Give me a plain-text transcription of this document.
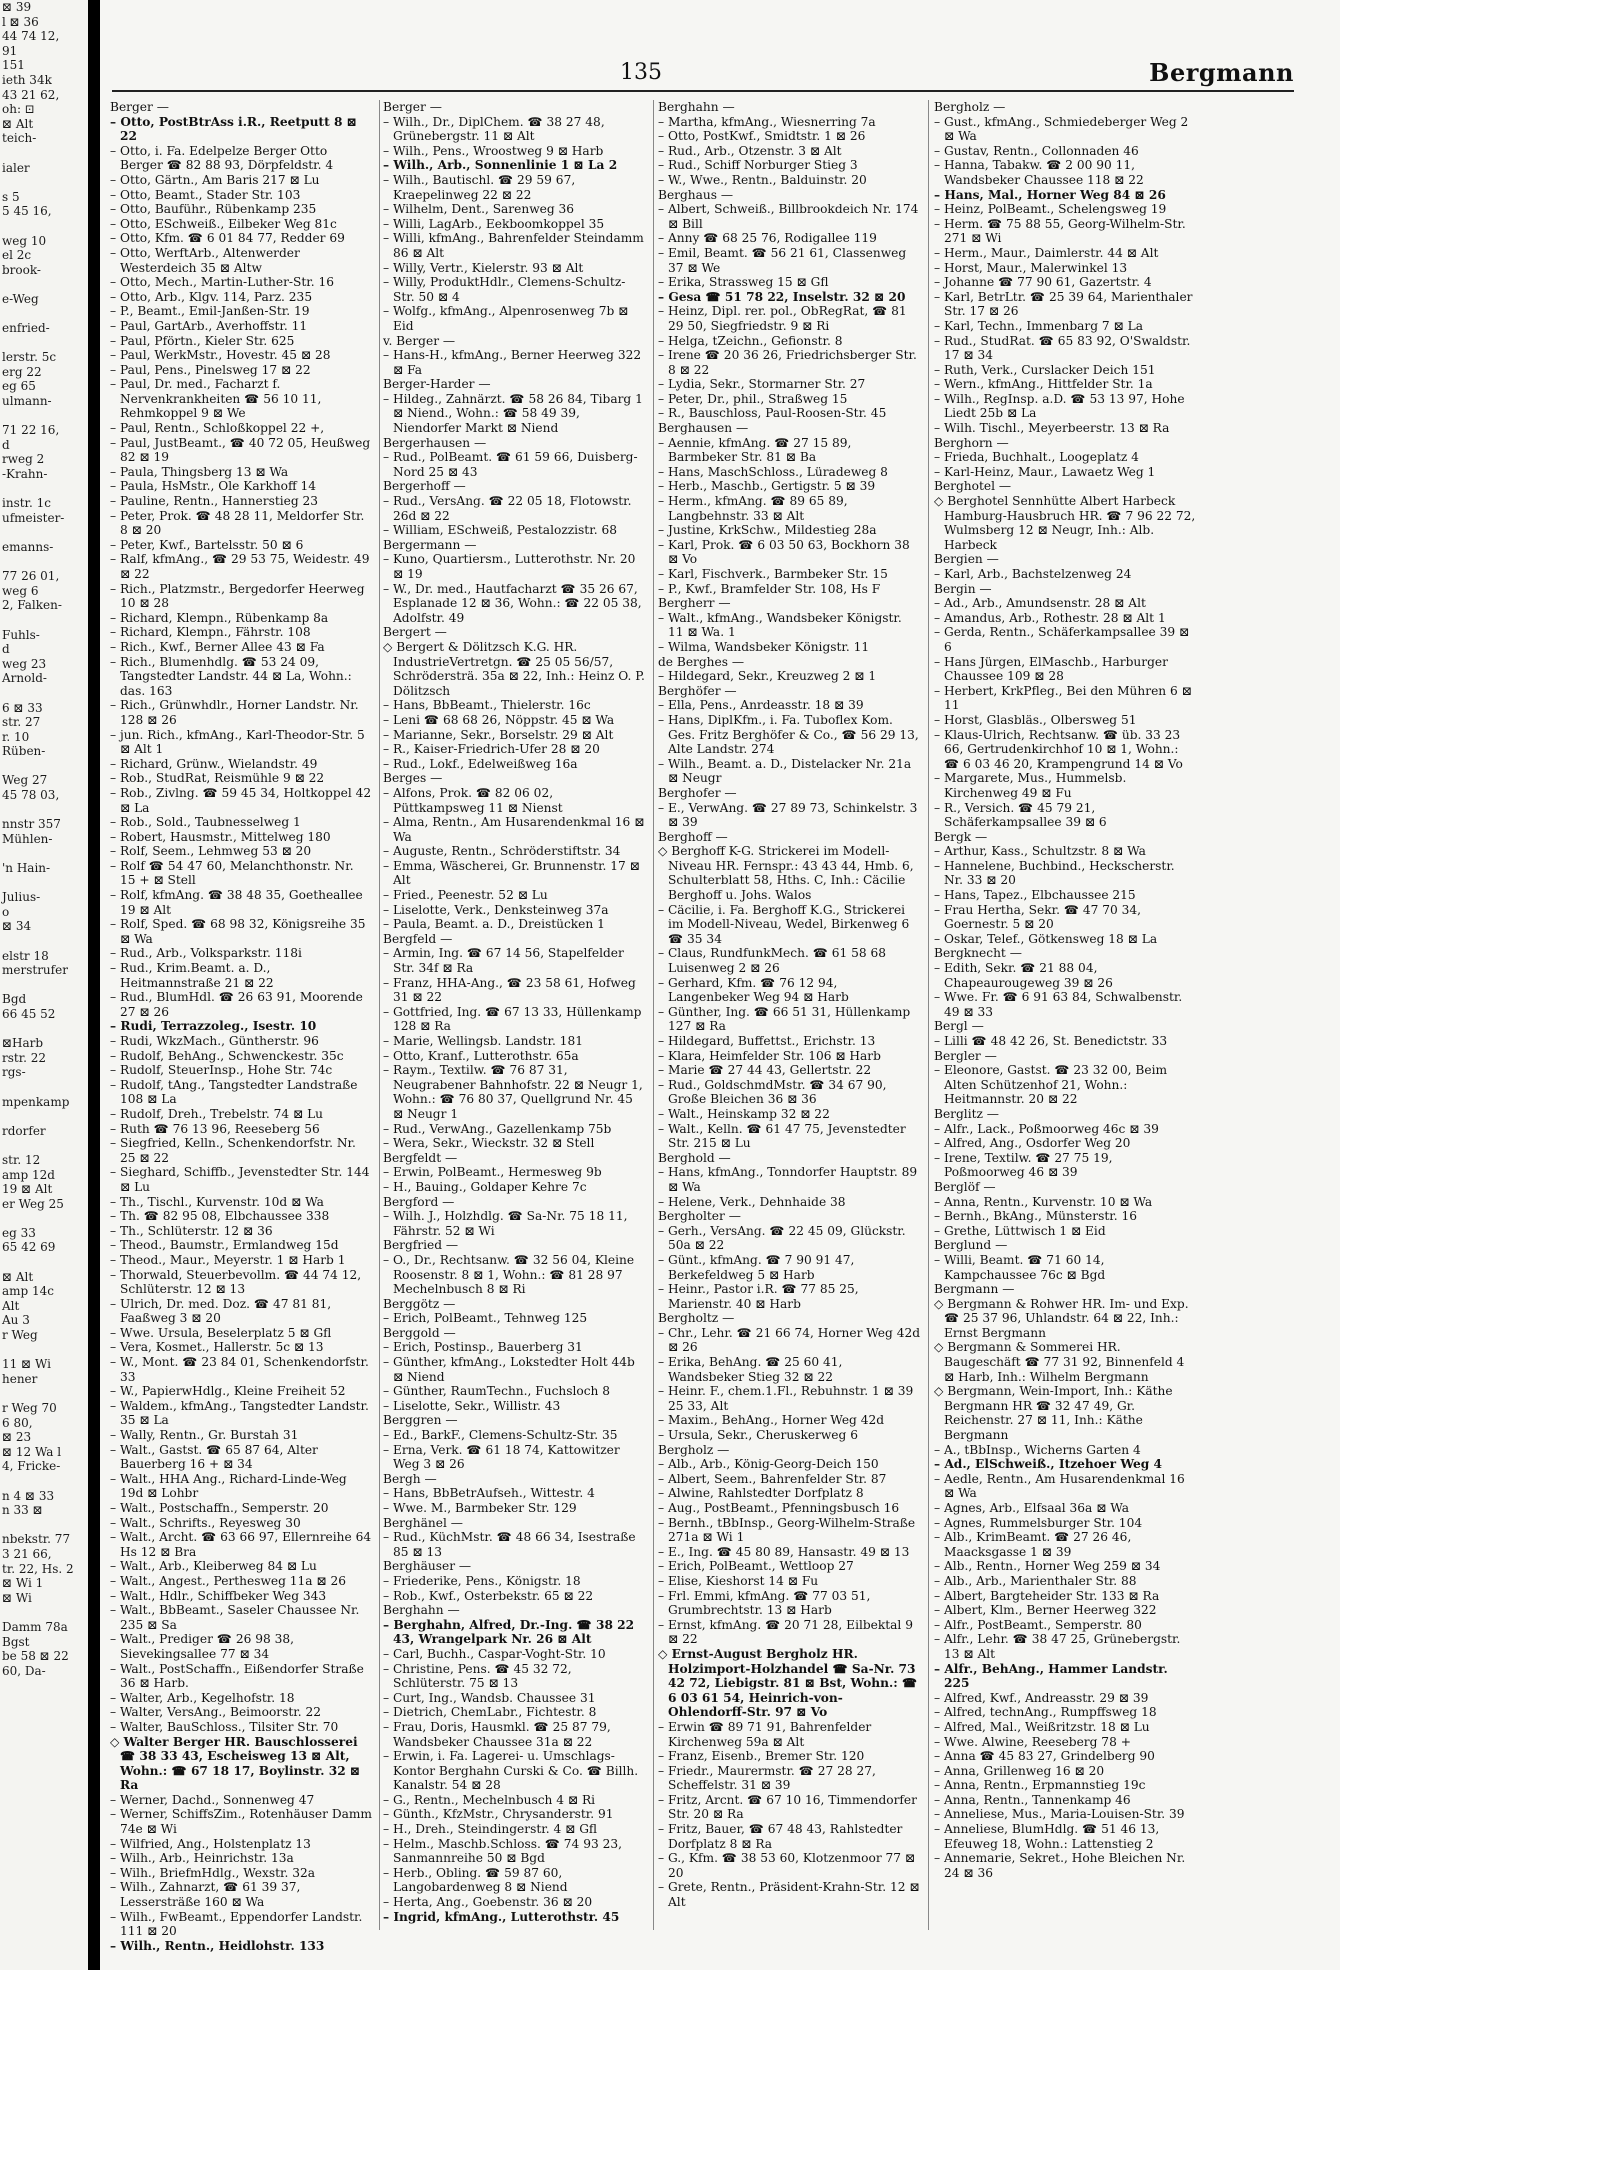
⊠ 39
l ⊠ 36
44 74 12,
91
151
ieth 34k
43 21 62,
oh: ⊡
⊠ Alt
teich-

ialer

s 5
5 45 16,

weg 10
el 2c
brook-

e-Weg

enfried-

lerstr. 5c
erg 22
eg 65
ulmann-

71 22 16,
d
rweg 2
-Krahn-

instr. 1c
ufmeister-

emanns-

77 26 01,
weg 6
2, Falken-

Fuhls-
d
weg 23
Arnold-

6 ⊠ 33
str. 27
r. 10
Rüben-

Weg 27
45 78 03,

nnstr 357
Mühlen-

'n Hain-

Julius-
o
⊠ 34

elstr 18
merstrufer

Bgd
66 45 52

⊠Harb
rstr. 22
rgs-

mpenkamp

rdorfer

str. 12
amp 12d
19 ⊠ Alt
er Weg 25

eg 33
65 42 69

⊠ Alt
amp 14c
Alt
Au 3
r Weg

11 ⊠ Wi
hener

r Weg 70
6 80,
⊠ 23
⊠ 12 Wa l
4, Fricke-

n 4 ⊠ 33
n 33 ⊠

nbekstr. 77
3 21 66,
tr. 22, Hs. 2
⊠ Wi 1
⊠ Wi

Damm 78a
Bgst
be 58 ⊠ 22
60, Da-
135	Bergmann

Berger —

– Otto, PostBtrAss i.R., Reetputt 8 ⊠ 22

– Otto, i. Fa. Edelpelze Berger Otto Berger ☎ 82 88 93, Dörpfeldstr. 4

– Otto, Gärtn., Am Baris 217 ⊠ Lu

– Otto, Beamt., Stader Str. 103

– Otto, Bauführ., Rübenkamp 235

– Otto, ESchweiß., Eilbeker Weg 81c

– Otto, Kfm. ☎ 6 01 84 77, Redder 69

– Otto, WerftArb., Altenwerder Westerdeich 35 ⊠ Altw

– Otto, Mech., Martin-Luther-Str. 16

– Otto, Arb., Klgv. 114, Parz. 235

– P., Beamt., Emil-Janßen-Str. 19

– Paul, GartArb., Averhoffstr. 11

– Paul, Pförtn., Kieler Str. 625

– Paul, WerkMstr., Hovestr. 45 ⊠ 28

– Paul, Pens., Pinelsweg 17 ⊠ 22

– Paul, Dr. med., Facharzt f. Nervenkrankheiten ☎ 56 10 11, Rehmkoppel 9 ⊠ We

– Paul, Rentn., Schloßkoppel 22 +,

– Paul, JustBeamt., ☎ 40 72 05, Heußweg 82 ⊠ 19

– Paula, Thingsberg 13 ⊠ Wa

– Paula, HsMstr., Ole Karkhoff 14

– Pauline, Rentn., Hannerstieg 23

– Peter, Prok. ☎ 48 28 11, Meldorfer Str. 8 ⊠ 20

– Peter, Kwf., Bartelsstr. 50 ⊠ 6

– Ralf, kfmAng., ☎ 29 53 75, Weidestr. 49 ⊠ 22

– Rich., Platzmstr., Bergedorfer Heerweg 10 ⊠ 28

– Richard, Klempn., Rübenkamp 8a

– Richard, Klempn., Fährstr. 108

– Rich., Kwf., Berner Allee 43 ⊠ Fa

– Rich., Blumenhdlg. ☎ 53 24 09, Tangstedter Landstr. 44 ⊠ La, Wohn.: das. 163

– Rich., Grünwhdlr., Horner Landstr. Nr. 128 ⊠ 26

– jun. Rich., kfmAng., Karl-Theodor-Str. 5 ⊠ Alt 1

– Richard, Grünw., Wielandstr. 49

– Rob., StudRat, Reismühle 9 ⊠ 22

– Rob., Zivlng. ☎ 59 45 34, Holtkoppel 42 ⊠ La

– Rob., Sold., Taubnesselweg 1

– Robert, Hausmstr., Mittelweg 180

– Rolf, Seem., Lehmweg 53 ⊠ 20

– Rolf ☎ 54 47 60, Melanchthonstr. Nr. 15 + ⊠ Stell

– Rolf, kfmAng. ☎ 38 48 35, Goetheallee 19 ⊠ Alt

– Rolf, Sped. ☎ 68 98 32, Königsreihe 35 ⊠ Wa

– Rud., Arb., Volksparkstr. 118i

– Rud., Krim.Beamt. a. D., Heitmannstraße 21 ⊠ 22

– Rud., BlumHdl. ☎ 26 63 91, Moorende 27 ⊠ 26

– Rudi, Terrazzoleg., Isestr. 10

– Rudi, WkzMach., Güntherstr. 96

– Rudolf, BehAng., Schwenckestr. 35c

– Rudolf, SteuerInsp., Hohe Str. 74c

– Rudolf, tAng., Tangstedter Landstraße 108 ⊠ La

– Rudolf, Dreh., Trebelstr. 74 ⊠ Lu

– Ruth ☎ 76 13 96, Reeseberg 56

– Siegfried, Kelln., Schenkendorfstr. Nr. 25 ⊠ 22

– Sieghard, Schiffb., Jevenstedter Str. 144 ⊠ Lu

– Th., Tischl., Kurvenstr. 10d ⊠ Wa

– Th. ☎ 82 95 08, Elbchaussee 338

– Th., Schlüterstr. 12 ⊠ 36

– Theod., Baumstr., Ermlandweg 15d

– Theod., Maur., Meyerstr. 1 ⊠ Harb 1

– Thorwald, Steuerbevollm. ☎ 44 74 12, Schlüterstr. 12 ⊠ 13

– Ulrich, Dr. med. Doz. ☎ 47 81 81, Faaßweg 3 ⊠ 20

– Wwe. Ursula, Beselerplatz 5 ⊠ Gfl

– Vera, Kosmet., Hallerstr. 5c ⊠ 13

– W., Mont. ☎ 23 84 01, Schenkendorfstr. 33

– W., PapierwHdlg., Kleine Freiheit 52

– Waldem., kfmAng., Tangstedter Landstr. 35 ⊠ La

– Wally, Rentn., Gr. Burstah 31

– Walt., Gastst. ☎ 65 87 64, Alter Bauerberg 16 + ⊠ 34

– Walt., HHA Ang., Richard-Linde-Weg 19d ⊠ Lohbr

– Walt., Postschaffn., Semperstr. 20

– Walt., Schrifts., Reyesweg 30

– Walt., Archt. ☎ 63 66 97, Ellernreihe 64 Hs 12 ⊠ Bra

– Walt., Arb., Kleiberweg 84 ⊠ Lu

– Walt., Angest., Perthesweg 11a ⊠ 26

– Walt., Hdlr., Schiffbeker Weg 343

– Walt., BbBeamt., Saseler Chaussee Nr. 235 ⊠ Sa

– Walt., Prediger ☎ 26 98 38, Sievekingsallee 77 ⊠ 34

– Walt., PostSchaffn., Eißendorfer Straße 36 ⊠ Harb.

– Walter, Arb., Kegelhofstr. 18

– Walter, VersAng., Beimoorstr. 22

– Walter, BauSchloss., Tilsiter Str. 70

◇ Walter Berger HR. Bauschlosserei ☎ 38 33 43, Escheisweg 13 ⊠ Alt, Wohn.: ☎ 67 18 17, Boylinstr. 32 ⊠ Ra

– Werner, Dachd., Sonnenweg 47

– Werner, SchiffsZim., Rotenhäuser Damm 74e ⊠ Wi

– Wilfried, Ang., Holstenplatz 13

– Wilh., Arb., Heinrichstr. 13a

– Wilh., BriefmHdlg., Wexstr. 32a

– Wilh., Zahnarzt, ☎ 61 39 37, Lessersträße 160 ⊠ Wa

– Wilh., FwBeamt., Eppendorfer Landstr. 111 ⊠ 20

– Wilh., Rentn., Heidlohstr. 133

Berger —

– Wilh., Dr., DiplChem. ☎ 38 27 48, Grünebergstr. 11 ⊠ Alt

– Wilh., Pens., Wroostweg 9 ⊠ Harb

– Wilh., Arb., Sonnenlinie 1 ⊠ La 2

– Wilh., Bautischl. ☎ 29 59 67, Kraepelinweg 22 ⊠ 22

– Wilhelm, Dent., Sarenweg 36

– Willi, LagArb., Eekboomkoppel 35

– Willi, kfmAng., Bahrenfelder Steindamm 86 ⊠ Alt

– Willy, Vertr., Kielerstr. 93 ⊠ Alt

– Willy, ProduktHdlr., Clemens-Schultz-Str. 50 ⊠ 4

– Wolfg., kfmAng., Alpenrosenweg 7b ⊠ Eid

v. Berger —

– Hans-H., kfmAng., Berner Heerweg 322 ⊠ Fa

Berger-Harder —

– Hildeg., Zahnärzt. ☎ 58 26 84, Tibarg 1 ⊠ Niend., Wohn.: ☎ 58 49 39, Niendorfer Markt ⊠ Niend

Bergerhausen —

– Rud., PolBeamt. ☎ 61 59 66, Duisberg-Nord 25 ⊠ 43

Bergerhoff —

– Rud., VersAng. ☎ 22 05 18, Flotowstr. 26d ⊠ 22

– William, ESchweiß, Pestalozzistr. 68

Bergermann —

– Kuno, Quartiersm., Lutterothstr. Nr. 20 ⊠ 19

– W., Dr. med., Hautfacharzt ☎ 35 26 67, Esplanade 12 ⊠ 36, Wohn.: ☎ 22 05 38, Adolfstr. 49

Bergert —

◇ Bergert & Dölitzsch K.G. HR. IndustrieVertretgn. ☎ 25 05 56/57, Schrödersträ. 35a ⊠ 22, Inh.: Heinz O. P. Dölitzsch

– Hans, BbBeamt., Thielerstr. 16c

– Leni ☎ 68 68 26, Nöppstr. 45 ⊠ Wa

– Marianne, Sekr., Borselstr. 29 ⊠ Alt

– R., Kaiser-Friedrich-Ufer 28 ⊠ 20

– Rud., Lokf., Edelweißweg 16a

Berges —

– Alfons, Prok. ☎ 82 06 02, Püttkampsweg 11 ⊠ Nienst

– Alma, Rentn., Am Husarendenkmal 16 ⊠ Wa

– Auguste, Rentn., Schröderstiftstr. 34

– Emma, Wäscherei, Gr. Brunnenstr. 17 ⊠ Alt

– Fried., Peenestr. 52 ⊠ Lu

– Liselotte, Verk., Denksteinweg 37a

– Paula, Beamt. a. D., Dreistücken 1

Bergfeld —

– Armin, Ing. ☎ 67 14 56, Stapelfelder Str. 34f ⊠ Ra

– Franz, HHA-Ang., ☎ 23 58 61, Hofweg 31 ⊠ 22

– Gottfried, Ing. ☎ 67 13 33, Hüllenkamp 128 ⊠ Ra

– Marie, Wellingsb. Landstr. 181

– Otto, Kranf., Lutterothstr. 65a

– Raym., Textilw. ☎ 76 87 31, Neugrabener Bahnhofstr. 22 ⊠ Neugr 1, Wohn.: ☎ 76 80 37, Quellgrund Nr. 45 ⊠ Neugr 1

– Rud., VerwAng., Gazellenkamp 75b

– Wera, Sekr., Wieckstr. 32 ⊠ Stell

Bergfeldt —

– Erwin, PolBeamt., Hermesweg 9b

– H., Bauing., Goldaper Kehre 7c

Bergford —

– Wilh. J., Holzhdlg. ☎ Sa-Nr. 75 18 11, Fährstr. 52 ⊠ Wi

Bergfried —

– O., Dr., Rechtsanw. ☎ 32 56 04, Kleine Roosenstr. 8 ⊠ 1, Wohn.: ☎ 81 28 97 Mechelnbusch 8 ⊠ Ri

Berggötz —

– Erich, PolBeamt., Tehnweg 125

Berggold —

– Erich, Postinsp., Bauerberg 31

– Günther, kfmAng., Lokstedter Holt 44b ⊠ Niend

– Günther, RaumTechn., Fuchsloch 8

– Liselotte, Sekr., Willistr. 43

Berggren —

– Ed., BarkF., Clemens-Schultz-Str. 35

– Erna, Verk. ☎ 61 18 74, Kattowitzer Weg 3 ⊠ 26

Bergh —

– Hans, BbBetrAufseh., Wittestr. 4

– Wwe. M., Barmbeker Str. 129

Berghänel —

– Rud., KüchMstr. ☎ 48 66 34, Isestraße 85 ⊠ 13

Berghäuser —

– Friederike, Pens., Königstr. 18

– Rob., Kwf., Osterbekstr. 65 ⊠ 22

Berghahn —

– Berghahn, Alfred, Dr.-Ing. ☎ 38 22 43, Wrangelpark Nr. 26 ⊠ Alt

– Carl, Buchh., Caspar-Voght-Str. 10

– Christine, Pens. ☎ 45 32 72, Schlüterstr. 75 ⊠ 13

– Curt, Ing., Wandsb. Chaussee 31

– Dietrich, ChemLabr., Fichtestr. 8

– Frau, Doris, Hausmkl. ☎ 25 87 79, Wandsbeker Chaussee 31a ⊠ 22

– Erwin, i. Fa. Lagerei- u. Umschlags-Kontor Berghahn Curski & Co. ☎ Billh. Kanalstr. 54 ⊠ 28

– G., Rentn., Mechelnbusch 4 ⊠ Ri

– Günth., KfzMstr., Chrysanderstr. 91

– H., Dreh., Steindingerstr. 4 ⊠ Gfl

– Helm., Maschb.Schloss. ☎ 74 93 23, Sanmannreihe 50 ⊠ Bgd

– Herb., Obling. ☎ 59 87 60, Langobardenweg 8 ⊠ Niend

– Herta, Ang., Goebenstr. 36 ⊠ 20

– Ingrid, kfmAng., Lutterothstr. 45

Berghahn —

– Martha, kfmAng., Wiesnerring 7a

– Otto, PostKwf., Smidtstr. 1 ⊠ 26

– Rud., Arb., Otzenstr. 3 ⊠ Alt

– Rud., Schiff Norburger Stieg 3

– W., Wwe., Rentn., Balduinstr. 20

Berghaus —

– Albert, Schweiß., Billbrookdeich Nr. 174 ⊠ Bill

– Anny ☎ 68 25 76, Rodigallee 119

– Emil, Beamt. ☎ 56 21 61, Classenweg 37 ⊠ We

– Erika, Strassweg 15 ⊠ Gfl

– Gesa ☎ 51 78 22, Inselstr. 32 ⊠ 20

– Heinz, Dipl. rer. pol., ObRegRat, ☎ 81 29 50, Siegfriedstr. 9 ⊠ Ri

– Helga, tZeichn., Gefionstr. 8

– Irene ☎ 20 36 26, Friedrichsberger Str. 8 ⊠ 22

– Lydia, Sekr., Stormarner Str. 27

– Peter, Dr., phil., Straßweg 15

– R., Bauschloss, Paul-Roosen-Str. 45

Berghausen —

– Aennie, kfmAng. ☎ 27 15 89, Barmbeker Str. 81 ⊠ Ba

– Hans, MaschSchloss., Lüradeweg 8

– Herb., Maschb., Gertigstr. 5 ⊠ 39

– Herm., kfmAng. ☎ 89 65 89, Langbehnstr. 33 ⊠ Alt

– Justine, KrkSchw., Mildestieg 28a

– Karl, Prok. ☎ 6 03 50 63, Bockhorn 38 ⊠ Vo

– Karl, Fischverk., Barmbeker Str. 15

– P., Kwf., Bramfelder Str. 108, Hs F

Bergherr —

– Walt., kfmAng., Wandsbeker Königstr. 11 ⊠ Wa. 1

– Wilma, Wandsbeker Königstr. 11

de Berghes —

– Hildegard, Sekr., Kreuzweg 2 ⊠ 1

Berghöfer —

– Ella, Pens., Anrdeasstr. 18 ⊠ 39

– Hans, DiplKfm., i. Fa. Tuboflex Kom. Ges. Fritz Berghöfer & Co., ☎ 56 29 13, Alte Landstr. 274

– Wilh., Beamt. a. D., Distelacker Nr. 21a ⊠ Neugr

Berghofer —

– E., VerwAng. ☎ 27 89 73, Schinkelstr. 3 ⊠ 39

Berghoff —

◇ Berghoff K-G. Strickerei im Modell-Niveau HR. Fernspr.: 43 43 44, Hmb. 6, Schulterblatt 58, Hths. C, Inh.: Cäcilie Berghoff u. Johs. Walos

– Cäcilie, i. Fa. Berghoff K.G., Strickerei im Modell-Niveau, Wedel, Birkenweg 6 ☎ 35 34

– Claus, RundfunkMech. ☎ 61 58 68 Luisenweg 2 ⊠ 26

– Gerhard, Kfm. ☎ 76 12 94, Langenbeker Weg 94 ⊠ Harb

– Günther, Ing. ☎ 66 51 31, Hüllenkamp 127 ⊠ Ra

– Hildegard, Buffettst., Erichstr. 13

– Klara, Heimfelder Str. 106 ⊠ Harb

– Marie ☎ 27 44 43, Gellertstr. 22

– Rud., GoldschmdMstr. ☎ 34 67 90, Große Bleichen 36 ⊠ 36

– Walt., Heinskamp 32 ⊠ 22

– Walt., Kelln. ☎ 61 47 75, Jevenstedter Str. 215 ⊠ Lu

Berghold —

– Hans, kfmAng., Tonndorfer Hauptstr. 89 ⊠ Wa

– Helene, Verk., Dehnhaide 38

Bergholter —

– Gerh., VersAng. ☎ 22 45 09, Glückstr. 50a ⊠ 22

– Günt., kfmAng. ☎ 7 90 91 47, Berkefeldweg 5 ⊠ Harb

– Heinr., Pastor i.R. ☎ 77 85 25, Marienstr. 40 ⊠ Harb

Bergholtz —

– Chr., Lehr. ☎ 21 66 74, Horner Weg 42d ⊠ 26

– Erika, BehAng. ☎ 25 60 41, Wandsbeker Stieg 32 ⊠ 22

– Heinr. F., chem.1.Fl., Rebuhnstr. 1 ⊠ 39 25 33, Alt

– Maxim., BehAng., Horner Weg 42d

– Ursula, Sekr., Cheruskerweg 6

Bergholz —

– Alb., Arb., König-Georg-Deich 150

– Albert, Seem., Bahrenfelder Str. 87

– Alwine, Rahlstedter Dorfplatz 8

– Aug., PostBeamt., Pfenningsbusch 16

– Bernh., tBbInsp., Georg-Wilhelm-Straße 271a ⊠ Wi 1

– E., Ing. ☎ 45 80 89, Hansastr. 49 ⊠ 13

– Erich, PolBeamt., Wettloop 27

– Elise, Kieshorst 14 ⊠ Fu

– Frl. Emmi, kfmAng. ☎ 77 03 51, Grumbrechtstr. 13 ⊠ Harb

– Ernst, kfmAng. ☎ 20 71 28, Eilbektal 9 ⊠ 22

◇ Ernst-August Bergholz HR. Holzimport-Holzhandel ☎ Sa-Nr. 73 42 72, Liebigstr. 81 ⊠ Bst, Wohn.: ☎ 6 03 61 54, Heinrich-von-Ohlendorff-Str. 97 ⊠ Vo

– Erwin ☎ 89 71 91, Bahrenfelder Kirchenweg 59a ⊠ Alt

– Franz, Eisenb., Bremer Str. 120

– Friedr., Maurermstr. ☎ 27 28 27, Scheffelstr. 31 ⊠ 39

– Fritz, Arcnt. ☎ 67 10 16, Timmendorfer Str. 20 ⊠ Ra

– Fritz, Bauer, ☎ 67 48 43, Rahlstedter Dorfplatz 8 ⊠ Ra

– G., Kfm. ☎ 38 53 60, Klotzenmoor 77 ⊠ 20

– Grete, Rentn., Präsident-Krahn-Str. 12 ⊠ Alt

Bergholz —

– Gust., kfmAng., Schmiedeberger Weg 2 ⊠ Wa

– Gustav, Rentn., Collonnaden 46

– Hanna, Tabakw. ☎ 2 00 90 11, Wandsbeker Chaussee 118 ⊠ 22

– Hans, Mal., Horner Weg 84 ⊠ 26

– Heinz, PolBeamt., Schelengsweg 19

– Herm. ☎ 75 88 55, Georg-Wilhelm-Str. 271 ⊠ Wi

– Herm., Maur., Daimlerstr. 44 ⊠ Alt

– Horst, Maur., Malerwinkel 13

– Johanne ☎ 77 90 61, Gazertstr. 4

– Karl, BetrLtr. ☎ 25 39 64, Marienthaler Str. 17 ⊠ 26

– Karl, Techn., Immenbarg 7 ⊠ La

– Rud., StudRat. ☎ 65 83 92, O'Swaldstr. 17 ⊠ 34

– Ruth, Verk., Curslacker Deich 151

– Wern., kfmAng., Hittfelder Str. 1a

– Wilh., RegInsp. a.D. ☎ 53 13 97, Hohe Liedt 25b ⊠ La

– Wilh. Tischl., Meyerbeerstr. 13 ⊠ Ra

Berghorn —

– Frieda, Buchhalt., Loogeplatz 4

– Karl-Heinz, Maur., Lawaetz Weg 1

Berghotel —

◇ Berghotel Sennhütte Albert Harbeck Hamburg-Hausbruch HR. ☎ 7 96 22 72, Wulmsberg 12 ⊠ Neugr, Inh.: Alb. Harbeck

Bergien —

– Karl, Arb., Bachstelzenweg 24

Bergin —

– Ad., Arb., Amundsenstr. 28 ⊠ Alt

– Amandus, Arb., Rothestr. 28 ⊠ Alt 1

– Gerda, Rentn., Schäferkampsallee 39 ⊠ 6

– Hans Jürgen, ElMaschb., Harburger Chaussee 109 ⊠ 28

– Herbert, KrkPfleg., Bei den Mühren 6 ⊠ 11

– Horst, Glasbläs., Olbersweg 51

– Klaus-Ulrich, Rechtsanw. ☎ üb. 33 23 66, Gertrudenkirchhof 10 ⊠ 1, Wohn.: ☎ 6 03 46 20, Krampengrund 14 ⊠ Vo

– Margarete, Mus., Hummelsb. Kirchenweg 49 ⊠ Fu

– R., Versich. ☎ 45 79 21, Schäferkampsallee 39 ⊠ 6

Bergk —

– Arthur, Kass., Schultzstr. 8 ⊠ Wa

– Hannelene, Buchbind., Heckscherstr. Nr. 33 ⊠ 20

– Hans, Tapez., Elbchaussee 215

– Frau Hertha, Sekr. ☎ 47 70 34, Goernestr. 5 ⊠ 20

– Oskar, Telef., Götkensweg 18 ⊠ La

Bergknecht —

– Edith, Sekr. ☎ 21 88 04, Chapeaurougeweg 39 ⊠ 26

– Wwe. Fr. ☎ 6 91 63 84, Schwalbenstr. 49 ⊠ 33

Bergl —

– Lilli ☎ 48 42 26, St. Benedictstr. 33

Bergler —

– Eleonore, Gastst. ☎ 23 32 00, Beim Alten Schützenhof 21, Wohn.: Heitmannstr. 20 ⊠ 22

Berglitz —

– Alfr., Lack., Poßmoorweg 46c ⊠ 39

– Alfred, Ang., Osdorfer Weg 20

– Irene, Textilw. ☎ 27 75 19, Poßmoorweg 46 ⊠ 39

Berglöf —

– Anna, Rentn., Kurvenstr. 10 ⊠ Wa

– Bernh., BkAng., Münsterstr. 16

– Grethe, Lüttwisch 1 ⊠ Eid

Berglund —

– Willi, Beamt. ☎ 71 60 14, Kampchaussee 76c ⊠ Bgd

Bergmann —

◇ Bergmann & Rohwer HR. Im- und Exp. ☎ 25 37 96, Uhlandstr. 64 ⊠ 22, Inh.: Ernst Bergmann

◇ Bergmann & Sommerei HR. Baugeschäft ☎ 77 31 92, Binnenfeld 4 ⊠ Harb, Inh.: Wilhelm Bergmann

◇ Bergmann, Wein-Import, Inh.: Käthe Bergmann HR ☎ 32 47 49, Gr. Reichenstr. 27 ⊠ 11, Inh.: Käthe Bergmann

– A., tBbInsp., Wicherns Garten 4

– Ad., ElSchweiß., Itzehoer Weg 4

– Aedle, Rentn., Am Husarendenkmal 16 ⊠ Wa

– Agnes, Arb., Elfsaal 36a ⊠ Wa

– Agnes, Rummelsburger Str. 104

– Alb., KrimBeamt. ☎ 27 26 46, Maacksgasse 1 ⊠ 39

– Alb., Rentn., Horner Weg 259 ⊠ 34

– Alb., Arb., Marienthaler Str. 88

– Albert, Bargteheider Str. 133 ⊠ Ra

– Albert, Klm., Berner Heerweg 322

– Alfr., PostBeamt., Semperstr. 80

– Alfr., Lehr. ☎ 38 47 25, Grünebergstr. 13 ⊠ Alt

– Alfr., BehAng., Hammer Landstr. 225

– Alfred, Kwf., Andreasstr. 29 ⊠ 39

– Alfred, technAng., Rumpffsweg 18

– Alfred, Mal., Weißritzstr. 18 ⊠ Lu

– Wwe. Alwine, Reeseberg 78 +

– Anna ☎ 45 83 27, Grindelberg 90

– Anna, Grillenweg 16 ⊠ 20

– Anna, Rentn., Erpmannstieg 19c

– Anna, Rentn., Tannenkamp 46

– Anneliese, Mus., Maria-Louisen-Str. 39

– Anneliese, BlumHdlg. ☎ 51 46 13, Efeuweg 18, Wohn.: Lattenstieg 2

– Annemarie, Sekret., Hohe Bleichen Nr. 24 ⊠ 36
